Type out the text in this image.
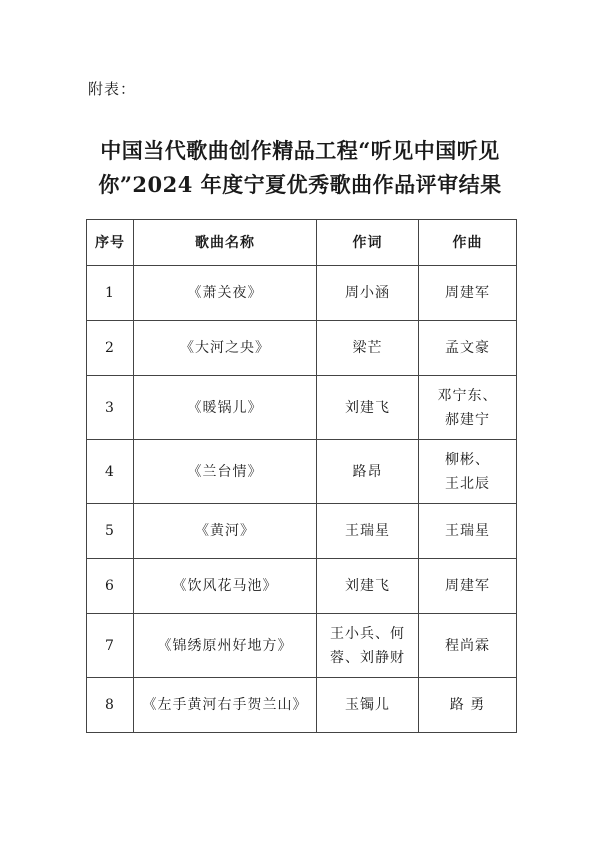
附表：
中国当代歌曲创作精品工程“听见中国听见
你”2024 年度宁夏优秀歌曲作品评审结果
序号	歌曲名称	作词	作曲
1	《萧关夜》	周小涵	周建军

2	《大河之央》	梁芒	孟文豪

3	《暖锅儿》	刘建飞	邓宁东、
郝建宁

4	《兰台情》	路昂	柳彬、
王北辰

5	《黄河》	王瑞星	王瑞星

6	《饮风花马池》	刘建飞	周建军

7	《锦绣原州好地方》	王小兵、何
蓉、刘静财	程尚霖

8	《左手黄河右手贺兰山》	玉镯儿	路 勇
